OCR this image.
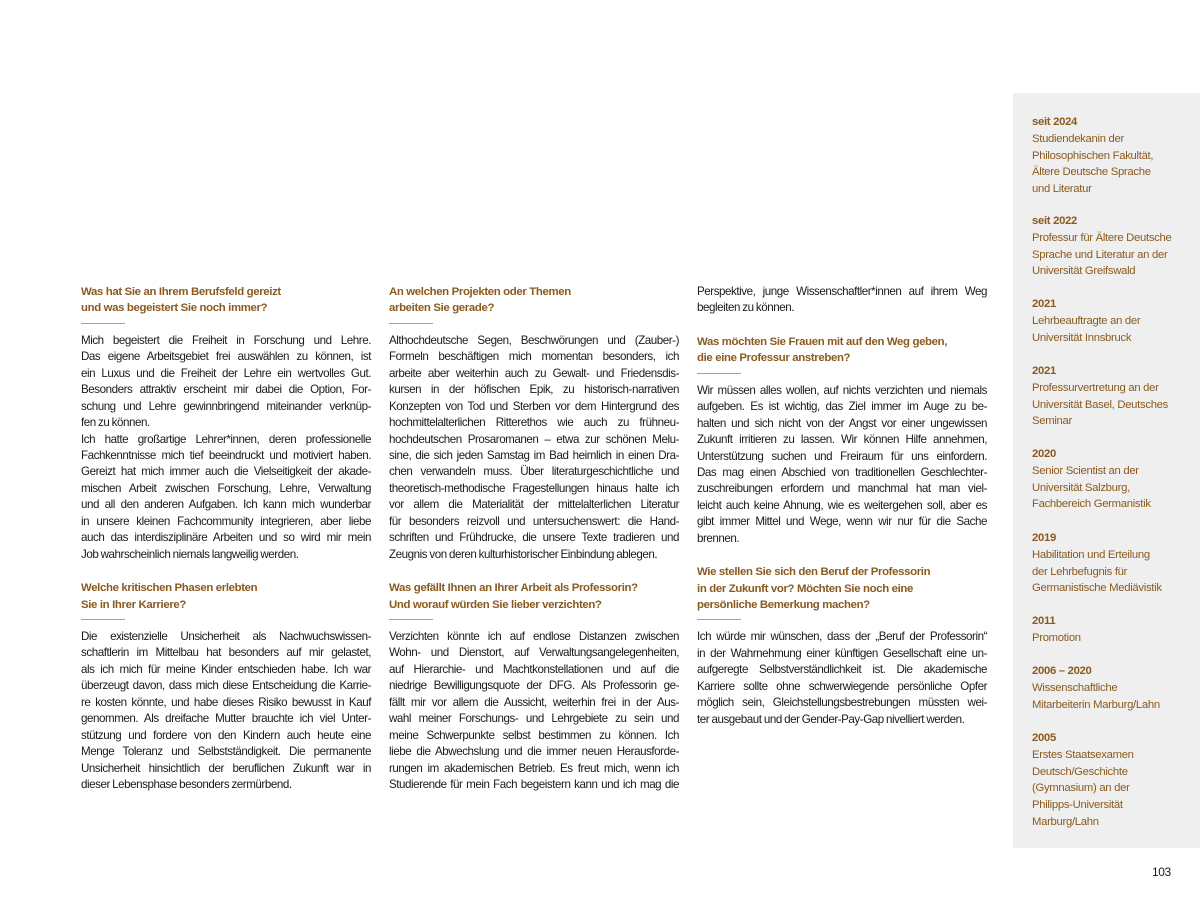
Was hat Sie an Ihrem Berufsfeld gereizt
und was begeistert Sie noch immer?
Mich begeistert die Freiheit in Forschung und Lehre.
Das eigene Arbeitsgebiet frei auswählen zu können, ist
ein Luxus und die Freiheit der Lehre ein wertvolles Gut.
Besonders attraktiv erscheint mir dabei die Option, For-
schung und Lehre gewinnbringend miteinander verknüp-
fen zu können.
Ich hatte großartige Lehrer*innen, deren professionelle
Fachkenntnisse mich tief beeindruckt und motiviert haben.
Gereizt hat mich immer auch die Vielseitigkeit der akade-
mischen Arbeit zwischen Forschung, Lehre, Verwaltung
und all den anderen Aufgaben. Ich kann mich wunderbar
in unsere kleinen Fachcommunity integrieren, aber liebe
auch das interdisziplinäre Arbeiten und so wird mir mein
Job wahrscheinlich niemals langweilig werden.
Welche kritischen Phasen erlebten
Sie in Ihrer Karriere?
Die existenzielle Unsicherheit als Nachwuchswissen-
schaftlerin im Mittelbau hat besonders auf mir gelastet,
als ich mich für meine Kinder entschieden habe. Ich war
überzeugt davon, dass mich diese Entscheidung die Karrie-
re kosten könnte, und habe dieses Risiko bewusst in Kauf
genommen. Als dreifache Mutter brauchte ich viel Unter-
stützung und fordere von den Kindern auch heute eine
Menge Toleranz und Selbstständigkeit. Die permanente
Unsicherheit hinsichtlich der beruflichen Zukunft war in
dieser Lebensphase besonders zermürbend.
An welchen Projekten oder Themen
arbeiten Sie gerade?
Althochdeutsche Segen, Beschwörungen und (Zauber-)
Formeln beschäftigen mich momentan besonders, ich
arbeite aber weiterhin auch zu Gewalt- und Friedensdis-
kursen in der höfischen Epik, zu historisch-narrativen
Konzepten von Tod und Sterben vor dem Hintergrund des
hochmittelalterlichen Ritterethos wie auch zu frühneu-
hochdeutschen Prosaromanen – etwa zur schönen Melu-
sine, die sich jeden Samstag im Bad heimlich in einen Dra-
chen verwandeln muss. Über literaturgeschichtliche und
theoretisch-methodische Fragestellungen hinaus halte ich
vor allem die Materialität der mittelalterlichen Literatur
für besonders reizvoll und untersuchenswert: die Hand-
schriften und Frühdrucke, die unsere Texte tradieren und
Zeugnis von deren kulturhistorischer Einbindung ablegen.
Was gefällt Ihnen an Ihrer Arbeit als Professorin?
Und worauf würden Sie lieber verzichten?
Verzichten könnte ich auf endlose Distanzen zwischen
Wohn- und Dienstort, auf Verwaltungsangelegenheiten,
auf Hierarchie- und Machtkonstellationen und auf die
niedrige Bewilligungsquote der DFG. Als Professorin ge-
fällt mir vor allem die Aussicht, weiterhin frei in der Aus-
wahl meiner Forschungs- und Lehrgebiete zu sein und
meine Schwerpunkte selbst bestimmen zu können. Ich
liebe die Abwechslung und die immer neuen Herausforde-
rungen im akademischen Betrieb. Es freut mich, wenn ich
Studierende für mein Fach begeistern kann und ich mag die
Perspektive, junge Wissenschaftler*innen auf ihrem Weg
begleiten zu können.
Was möchten Sie Frauen mit auf den Weg geben,
die eine Professur anstreben?
Wir müssen alles wollen, auf nichts verzichten und niemals
aufgeben. Es ist wichtig, das Ziel immer im Auge zu be-
halten und sich nicht von der Angst vor einer ungewissen
Zukunft irritieren zu lassen. Wir können Hilfe annehmen,
Unterstützung suchen und Freiraum für uns einfordern.
Das mag einen Abschied von traditionellen Geschlechter-
zuschreibungen erfordern und manchmal hat man viel-
leicht auch keine Ahnung, wie es weitergehen soll, aber es
gibt immer Mittel und Wege, wenn wir nur für die Sache
brennen.
Wie stellen Sie sich den Beruf der Professorin
in der Zukunft vor? Möchten Sie noch eine
persönliche Bemerkung machen?
Ich würde mir wünschen, dass der „Beruf der Professorin“
in der Wahrnehmung einer künftigen Gesellschaft eine un-
aufgeregte Selbstverständlichkeit ist. Die akademische
Karriere sollte ohne schwerwiegende persönliche Opfer
möglich sein, Gleichstellungsbestrebungen müssten wei-
ter ausgebaut und der Gender-Pay-Gap nivelliert werden.
seit 2024
Studiendekanin der
Philosophischen Fakultät,
Ältere Deutsche Sprache
und Literatur
seit 2022
Professur für Ältere Deutsche
Sprache und Literatur an der
Universität Greifswald
2021
Lehrbeauftragte an der
Universität Innsbruck
2021
Professurvertretung an der
Universität Basel, Deutsches
Seminar
2020
Senior Scientist an der
Universität Salzburg,
Fachbereich Germanistik
2019
Habilitation und Erteilung
der Lehrbefugnis für
Germanistische Mediävistik
2011
Promotion
2006 – 2020
Wissenschaftliche
Mitarbeiterin Marburg/Lahn
2005
Erstes Staatsexamen
Deutsch/Geschichte
(Gymnasium) an der
Philipps-Universität
Marburg/Lahn
103
